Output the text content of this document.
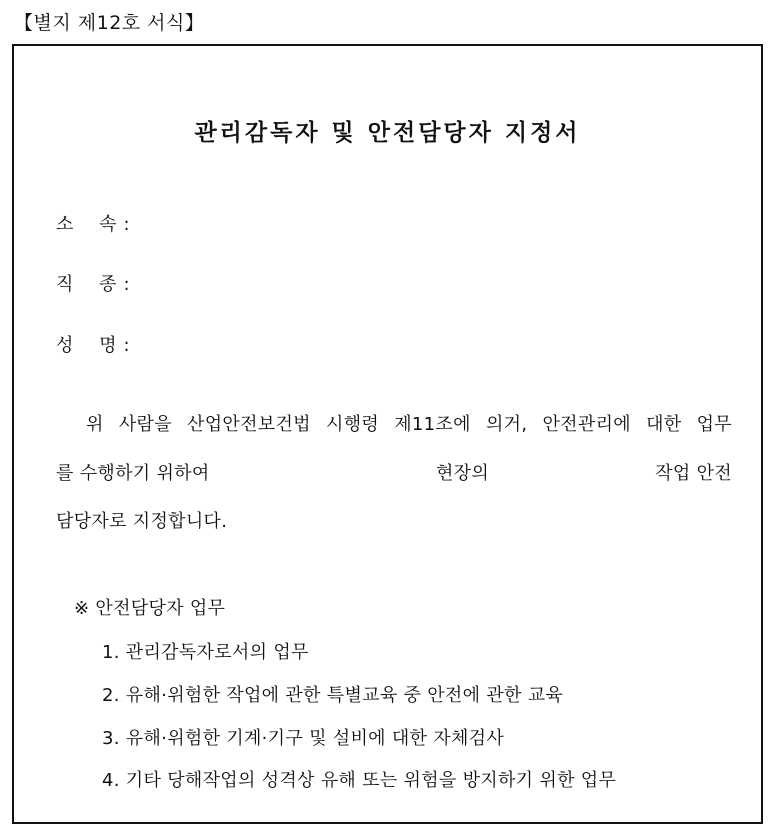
【별지 제12호 서식】
관리감독자 및 안전담당자 지정서
소 속 :
직 종 :
성 명 :
위 사람을 산업안전보건법 시행령 제11조에 의거, 안전관리에 대한 업무
를 수행하기 위하여	현장의	작업 안전
담당자로 지정합니다.
※ 안전담당자 업무
1. 관리감독자로서의 업무
2. 유해·위험한 작업에 관한 특별교육 중 안전에 관한 교육
3. 유해·위험한 기계·기구 및 설비에 대한 자체검사
4. 기타 당해작업의 성격상 유해 또는 위험을 방지하기 위한 업무
